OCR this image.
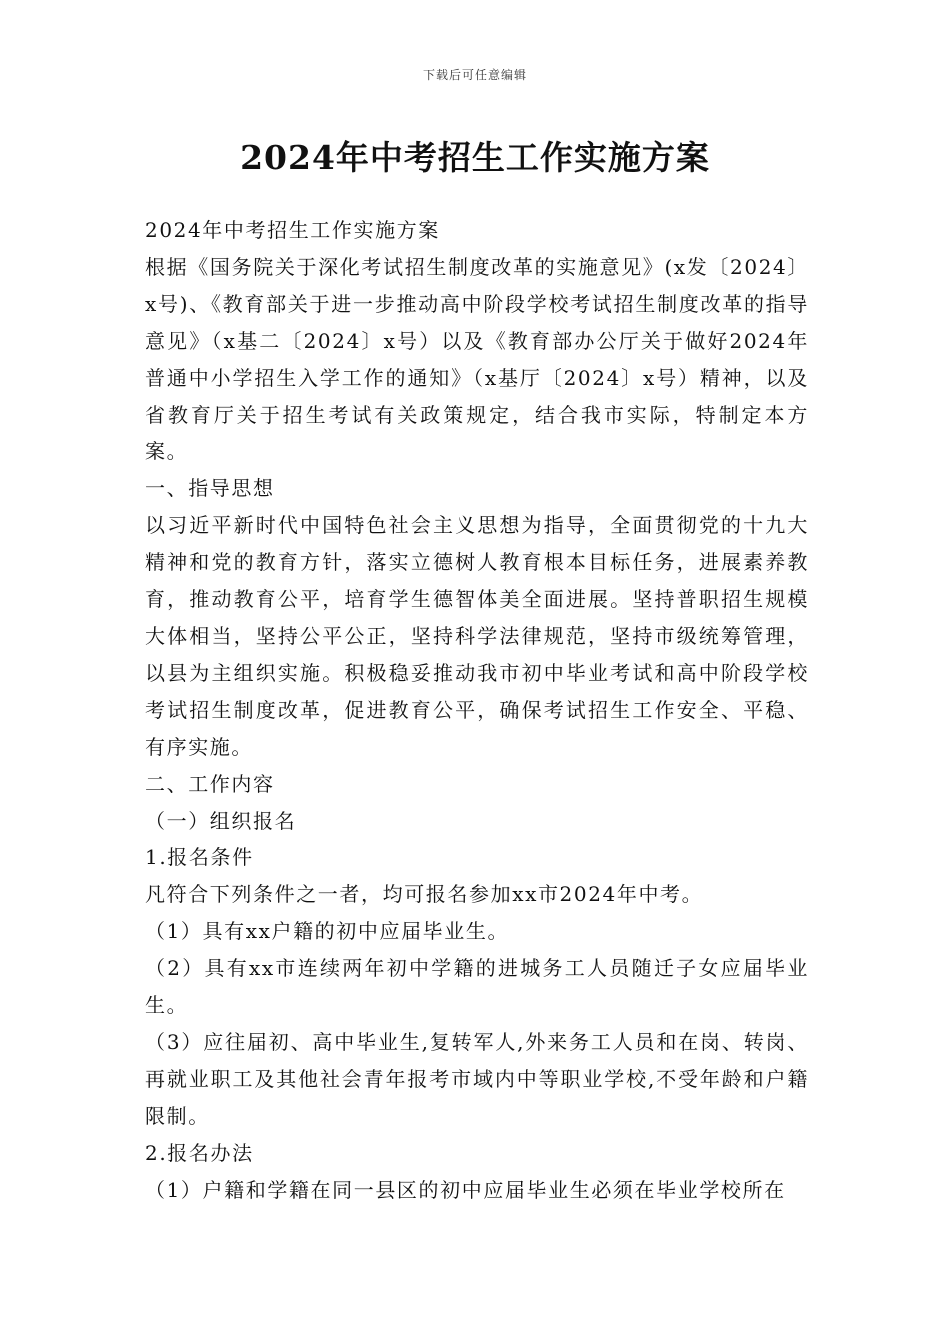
下载后可任意编辑
2024年中考招生工作实施方案

2024年中考招生工作实施方案

根据《国务院关于深化考试招生制度改革的实施意见》(x发〔2024〕x号)、《教育部关于进一步推动高中阶段学校考试招生制度改革的指导意见》（x基二〔2024〕x号）以及《教育部办公厅关于做好2024年普通中小学招生入学工作的通知》（x基厅〔2024〕x号）精神，以及省教育厅关于招生考试有关政策规定，结合我市实际，特制定本方案。

一、指导思想

以习近平新时代中国特色社会主义思想为指导，全面贯彻党的十九大精神和党的教育方针，落实立德树人教育根本目标任务，进展素养教育，推动教育公平，培育学生德智体美全面进展。坚持普职招生规模大体相当，坚持公平公正，坚持科学法律规范，坚持市级统筹管理，以县为主组织实施。积极稳妥推动我市初中毕业考试和高中阶段学校考试招生制度改革，促进教育公平，确保考试招生工作安全、平稳、有序实施。

二、工作内容

（一）组织报名

1.报名条件

凡符合下列条件之一者，均可报名参加xx市2024年中考。

（1）具有xx户籍的初中应届毕业生。

（2）具有xx市连续两年初中学籍的进城务工人员随迁子女应届毕业生。

（3）应往届初、高中毕业生,复转军人,外来务工人员和在岗、转岗、再就业职工及其他社会青年报考市域内中等职业学校,不受年龄和户籍限制。

2.报名办法

（1）户籍和学籍在同一县区的初中应届毕业生必须在毕业学校所在
